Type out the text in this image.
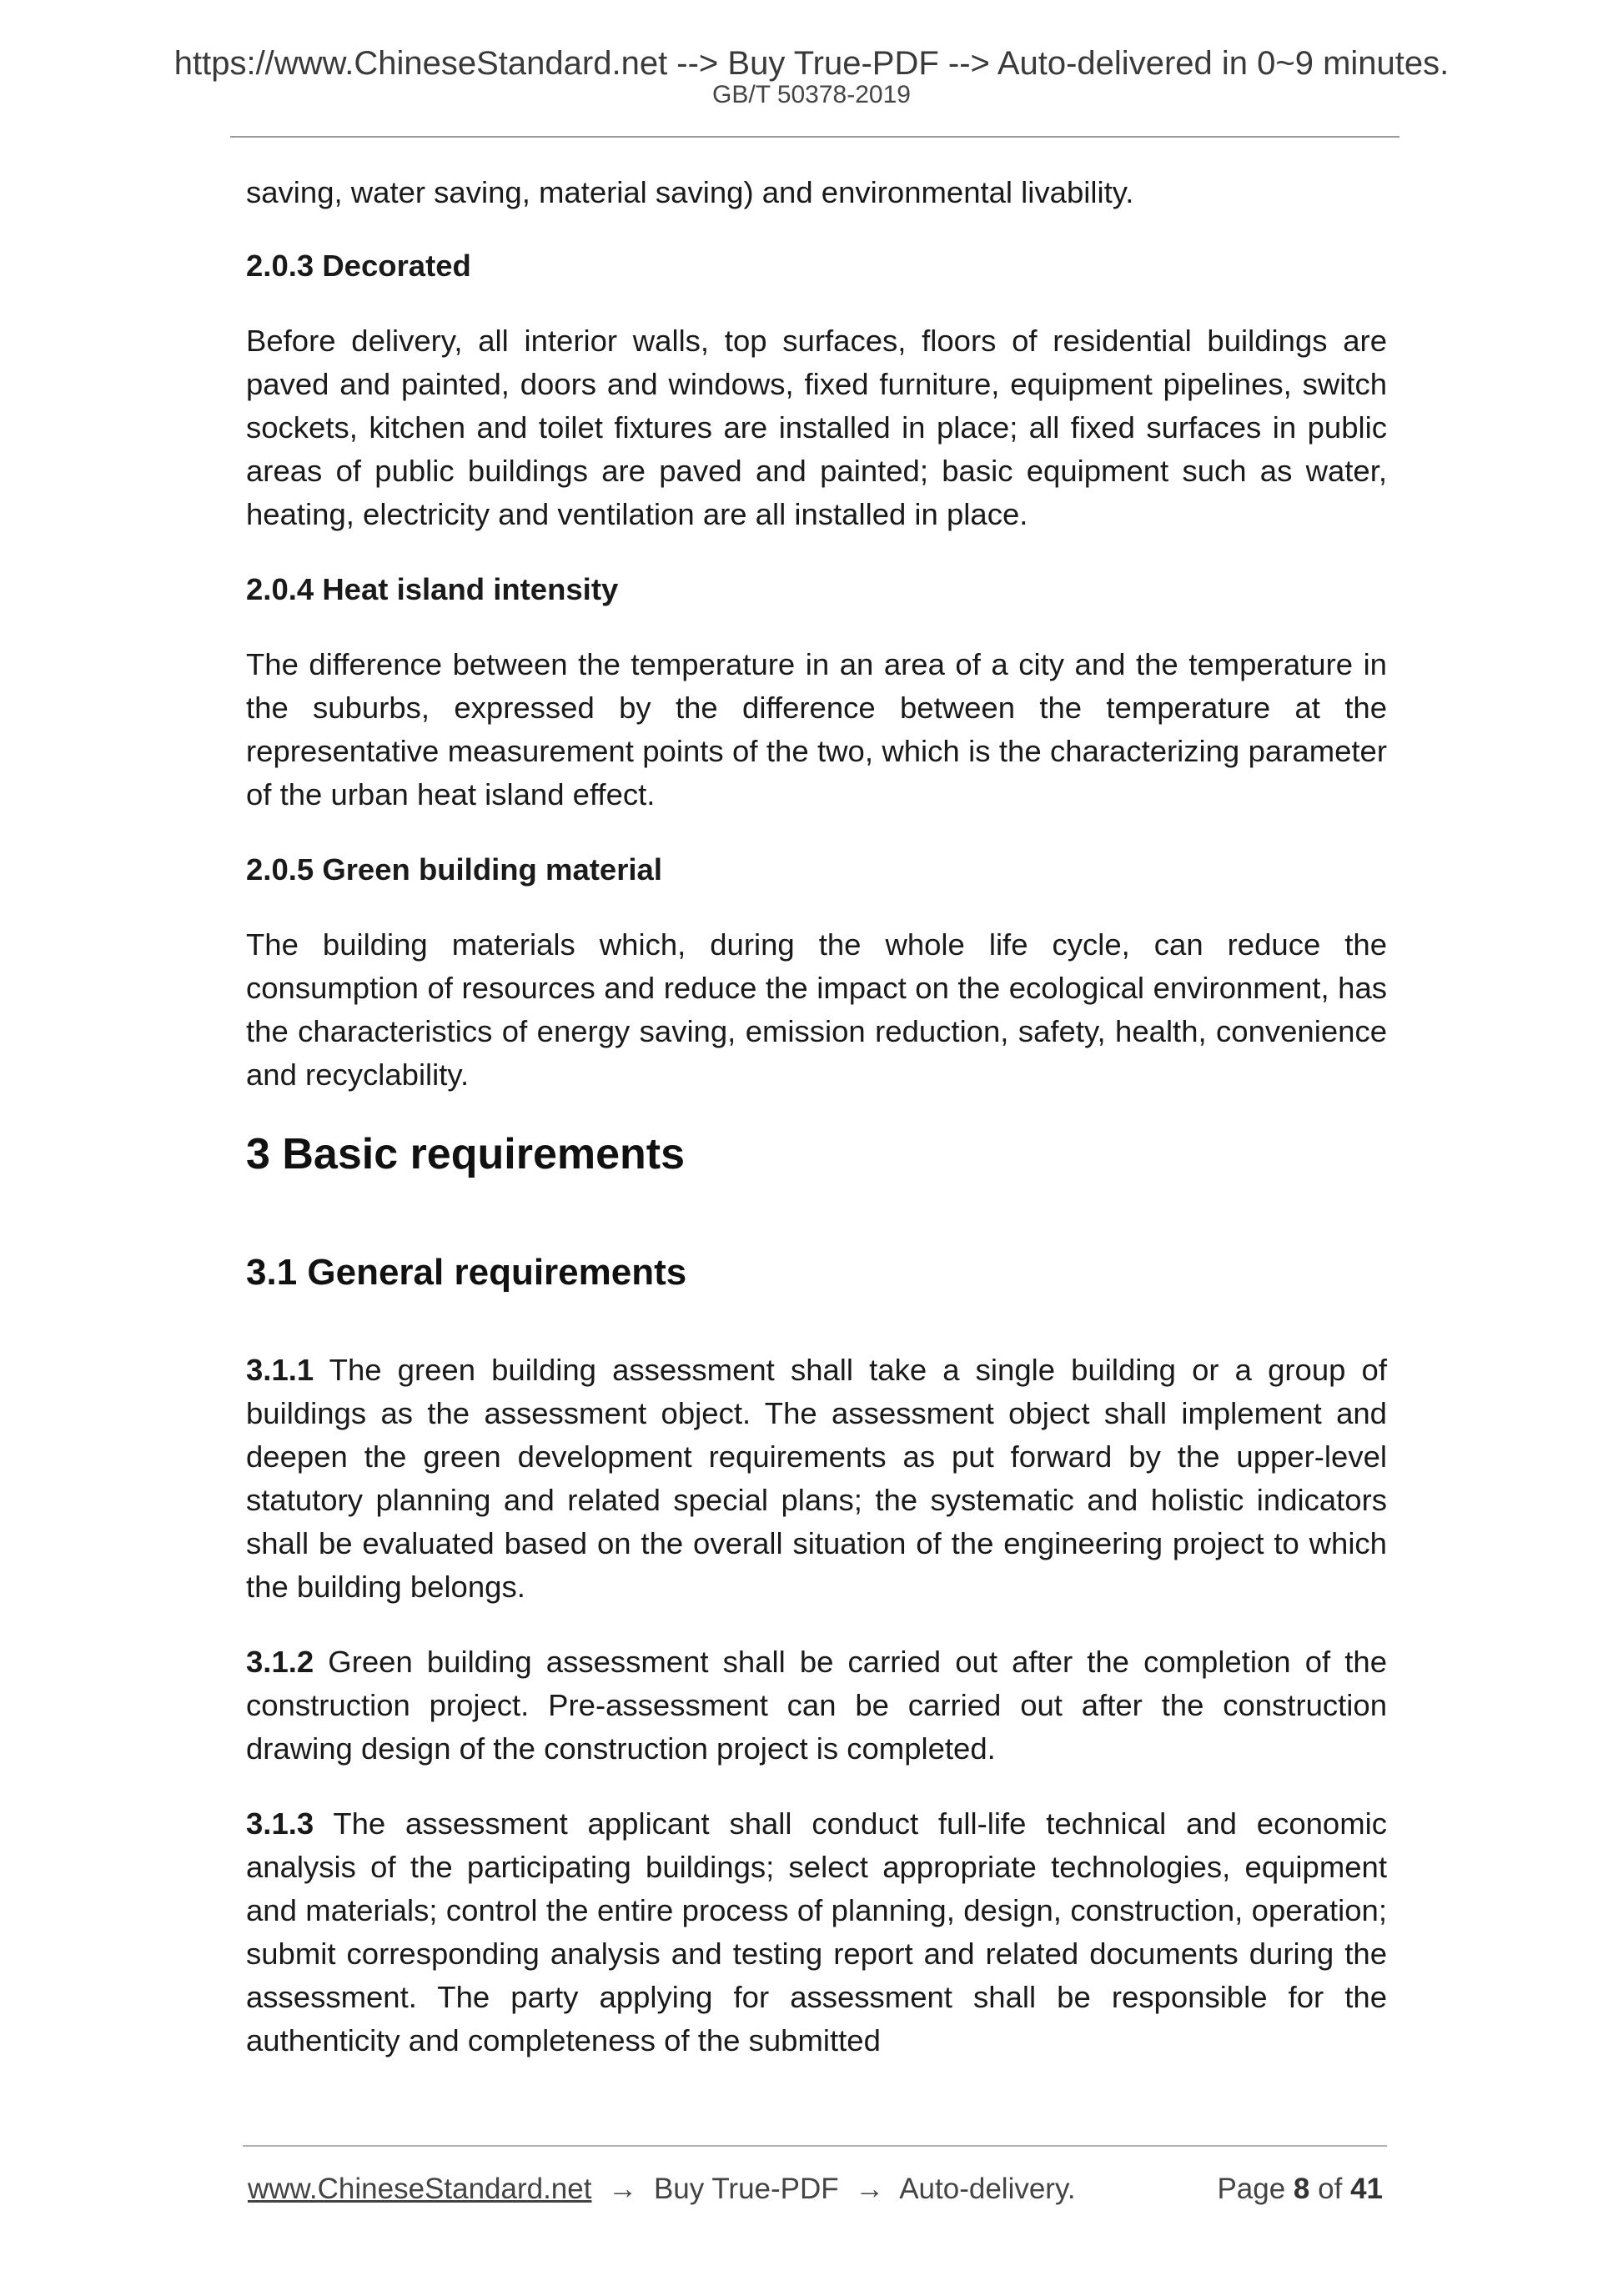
https://www.ChineseStandard.net --> Buy True-PDF --> Auto-delivered in 0~9 minutes.
GB/T 50378-2019

saving, water saving, material saving) and environmental livability.

2.0.3 Decorated

Before delivery, all interior walls, top surfaces, floors of residential buildings are paved and painted, doors and windows, fixed furniture, equipment pipelines, switch sockets, kitchen and toilet fixtures are installed in place; all fixed surfaces in public areas of public buildings are paved and painted; basic equipment such as water, heating, electricity and ventilation are all installed in place.

2.0.4 Heat island intensity

The difference between the temperature in an area of a city and the temperature in the suburbs, expressed by the difference between the temperature at the representative measurement points of the two, which is the characterizing parameter of the urban heat island effect.

2.0.5 Green building material

The building materials which, during the whole life cycle, can reduce the consumption of resources and reduce the impact on the ecological environment, has the characteristics of energy saving, emission reduction, safety, health, convenience and recyclability.

3 Basic requirements
3.1 General requirements

3.1.1 The green building assessment shall take a single building or a group of buildings as the assessment object. The assessment object shall implement and deepen the green development requirements as put forward by the upper-level statutory planning and related special plans; the systematic and holistic indicators shall be evaluated based on the overall situation of the engineering project to which the building belongs.

3.1.2 Green building assessment shall be carried out after the completion of the construction project. Pre-assessment can be carried out after the construction drawing design of the construction project is completed.

3.1.3 The assessment applicant shall conduct full-life technical and economic analysis of the participating buildings; select appropriate technologies, equipment and materials; control the entire process of planning, design, construction, operation; submit corresponding analysis and testing report and related documents during the assessment. The party applying for assessment shall be responsible for the authenticity and completeness of the submitted

www.ChineseStandard.net → Buy True-PDF → Auto-delivery.	Page 8 of 41
